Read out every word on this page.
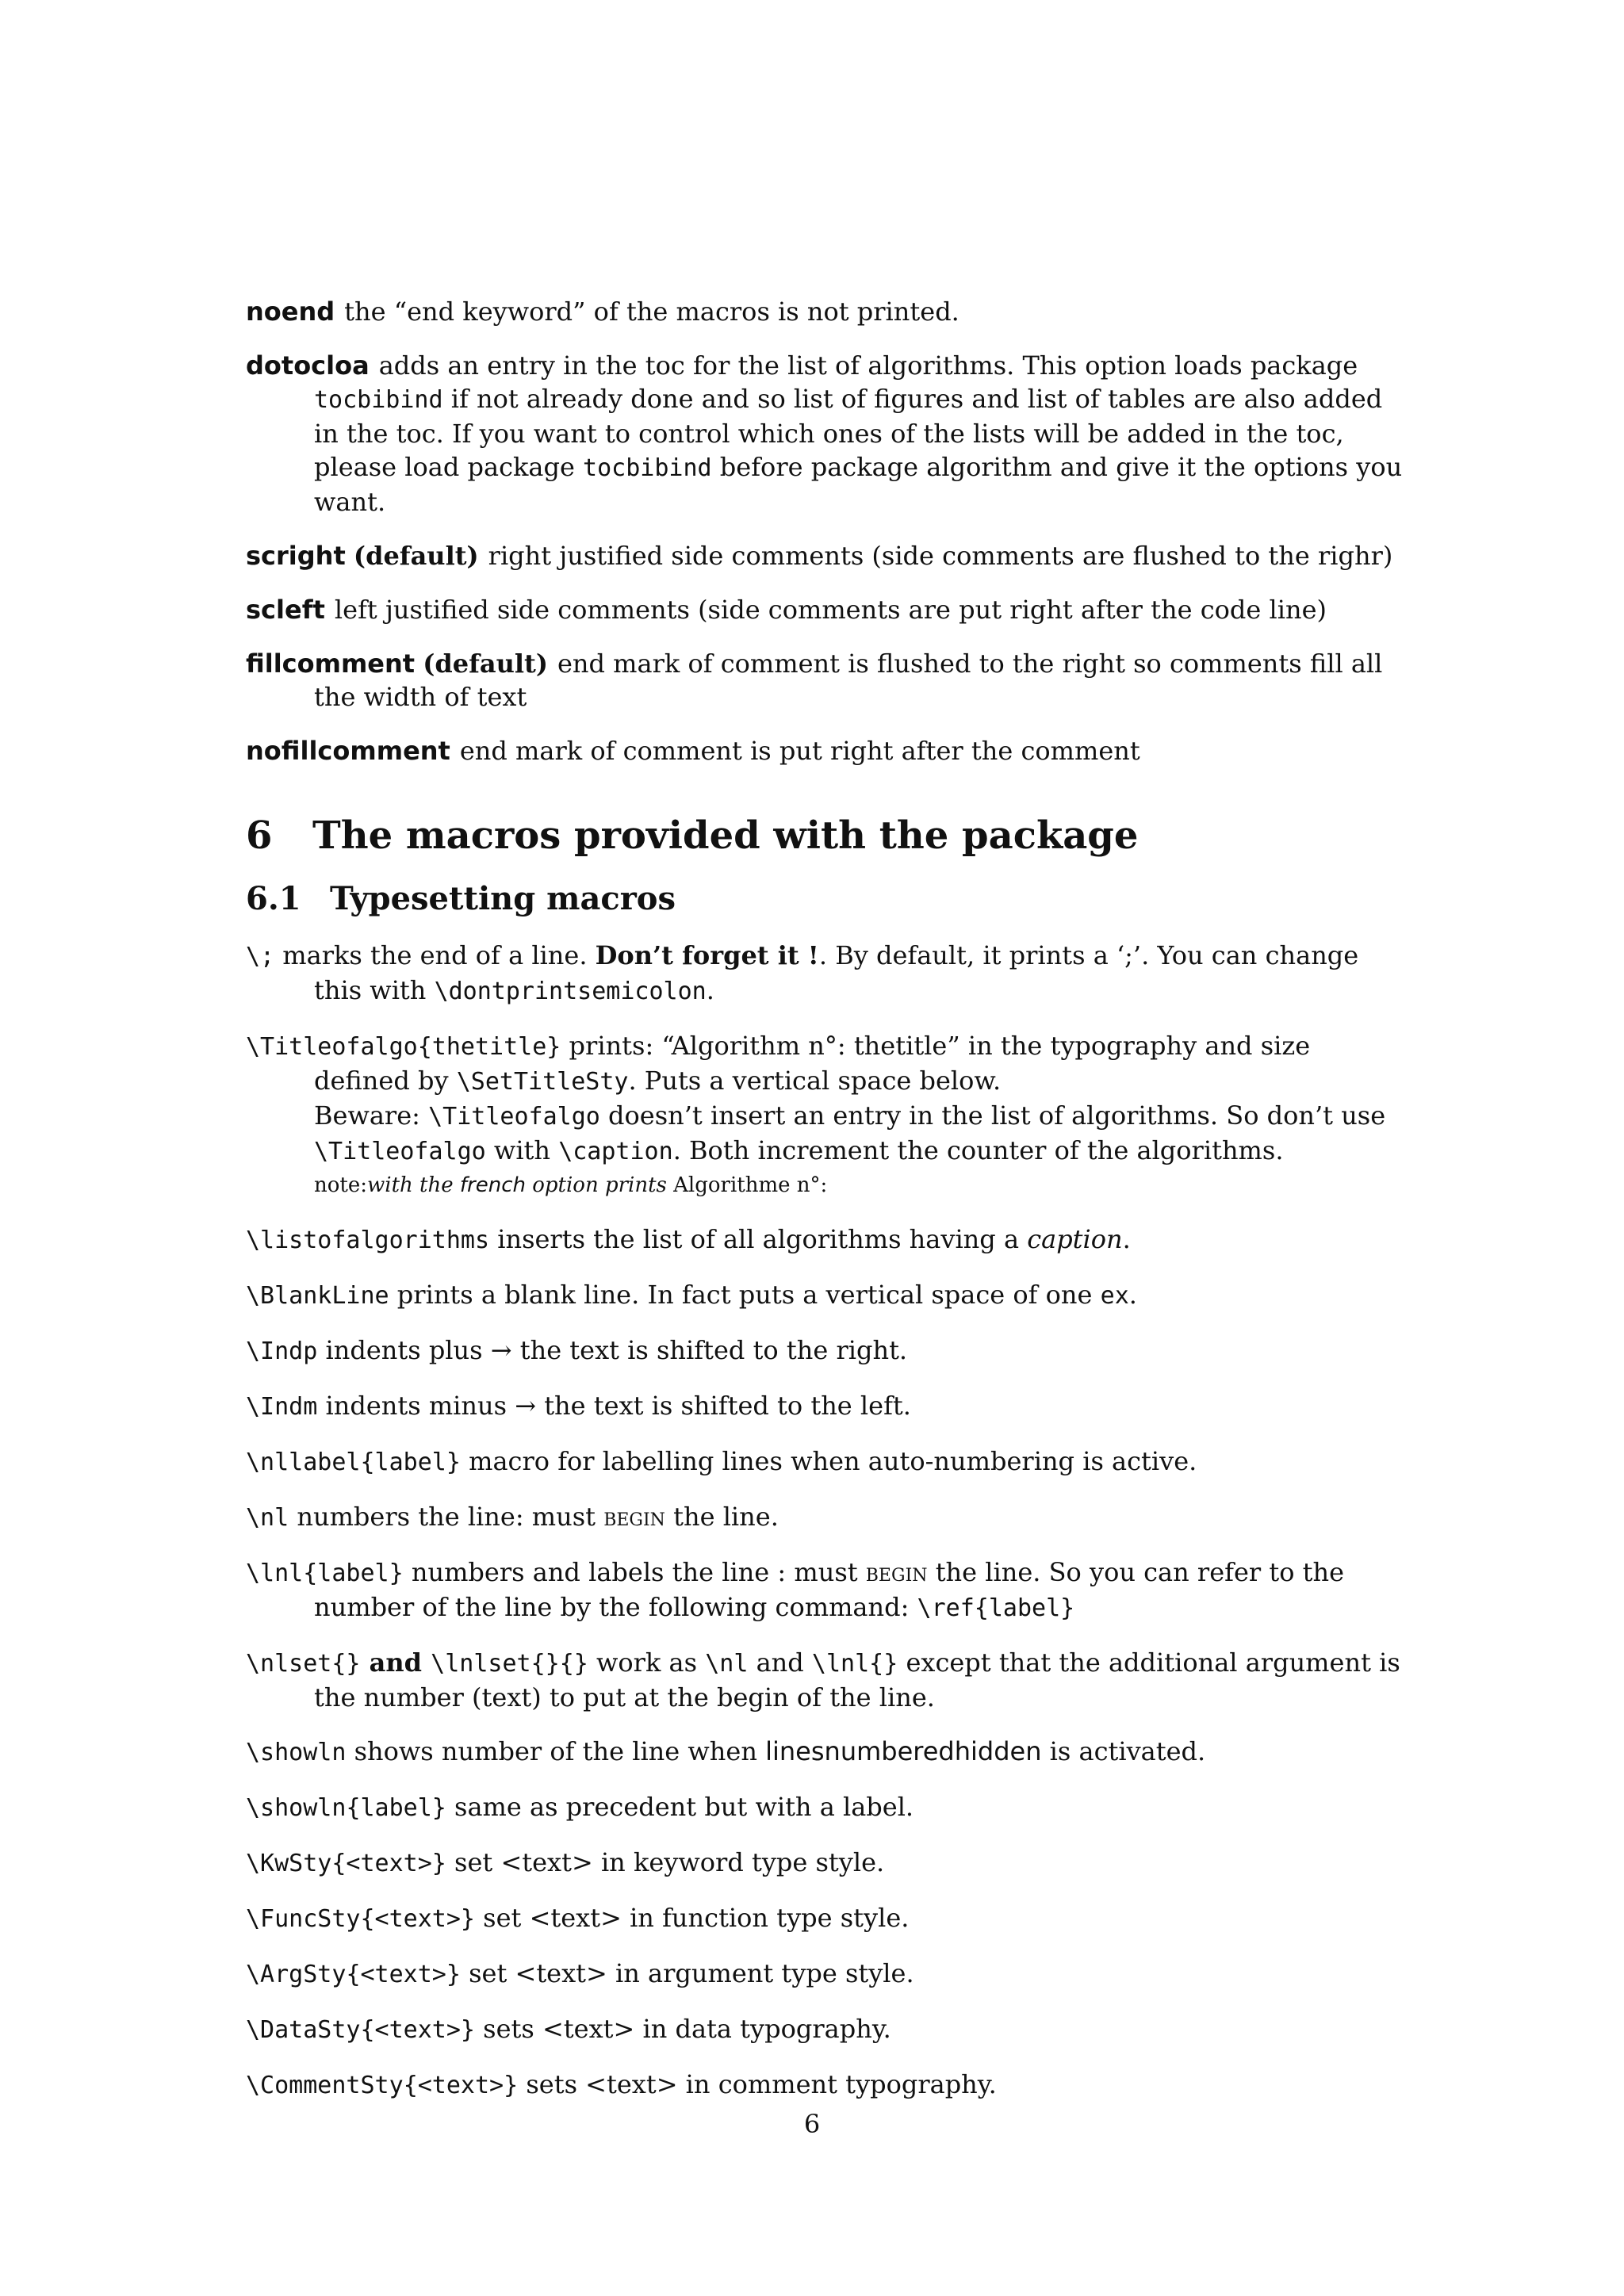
noend the “end keyword” of the macros is not printed.
dotocloa adds an entry in the toc for the list of algorithms. This option loads package tocbibind if not already done and so list of figures and list of tables are also added in the toc. If you want to control which ones of the lists will be added in the toc, please load package tocbibind before package algorithm and give it the options you want.
scright (default) right justified side comments (side comments are flushed to the righr)
scleft left justified side comments (side comments are put right after the code line)
fillcomment (default) end mark of comment is flushed to the right so comments fill all the width of text
nofillcomment end mark of comment is put right after the comment
6 The macros provided with the package
6.1 Typesetting macros
\; marks the end of a line. Don’t forget it !. By default, it prints a ‘;’. You can change this with \dontprintsemicolon.
\Titleofalgo{thetitle} prints: “Algorithm n°: thetitle” in the typography and size defined by \SetTitleSty. Puts a vertical space below.
Beware: \Titleofalgo doesn’t insert an entry in the list of algorithms. So don’t use \Titleofalgo with \caption. Both increment the counter of the algorithms.
note:with the french option prints Algorithme n°:
\listofalgorithms inserts the list of all algorithms having a caption.
\BlankLine prints a blank line. In fact puts a vertical space of one ex.
\Indp indents plus → the text is shifted to the right.
\Indm indents minus → the text is shifted to the left.
\nllabel{label} macro for labelling lines when auto-numbering is active.
\nl numbers the line: must begin the line.
\lnl{label} numbers and labels the line : must begin the line. So you can refer to the number of the line by the following command: \ref{label}
\nlset{} and \lnlset{}{} work as \nl and \lnl{} except that the additional argument is the number (text) to put at the begin of the line.
\showln shows number of the line when linesnumberedhidden is activated.
\showln{label} same as precedent but with a label.
\KwSty{<text>} set <text> in keyword type style.
\FuncSty{<text>} set <text> in function type style.
\ArgSty{<text>} set <text> in argument type style.
\DataSty{<text>} sets <text> in data typography.
\CommentSty{<text>} sets <text> in comment typography.
6
